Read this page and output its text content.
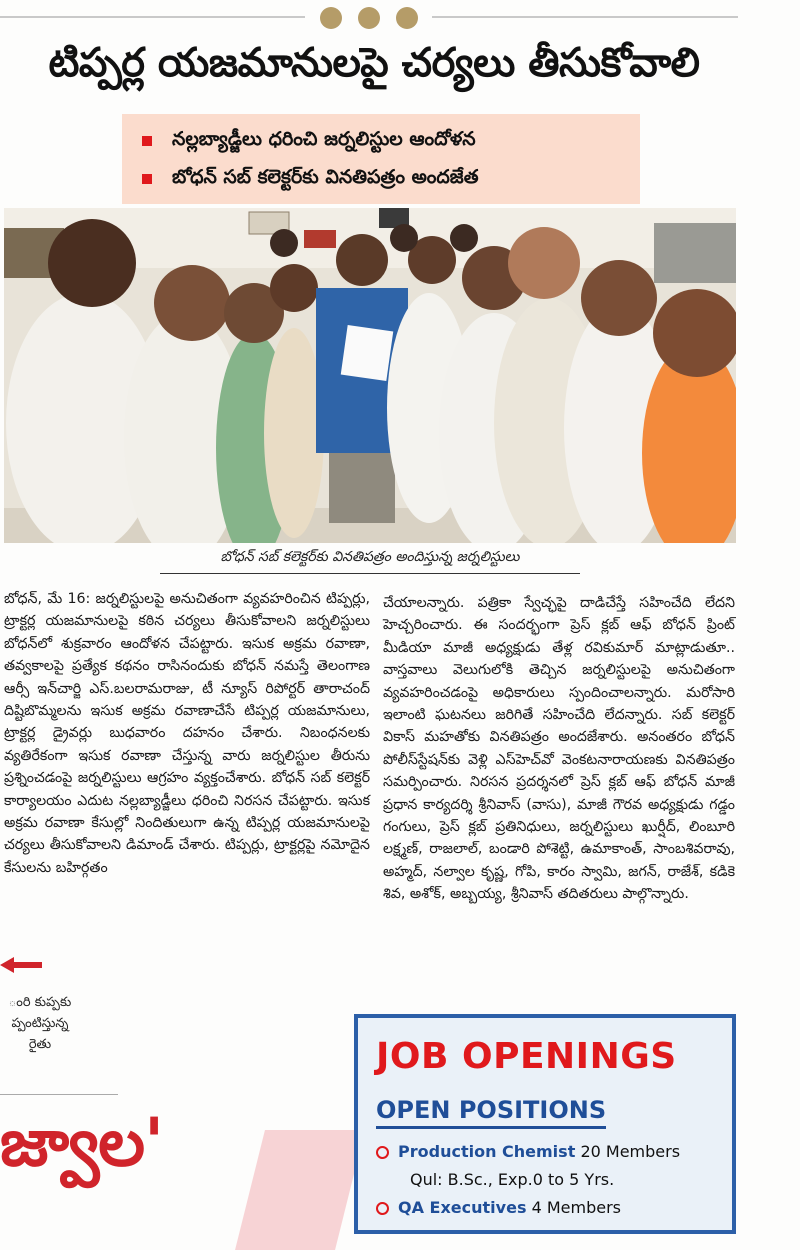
టిప్పర్ల యజమానులపై చర్యలు తీసుకోవాలి
నల్లబ్యాడ్జీలు ధరించి జర్నలిస్టుల ఆందోళన
బోధన్ సబ్ కలెక్టర్‌కు వినతిపత్రం అందజేత
బోధన్ సబ్ కలెక్టర్‌కు వినతిపత్రం అందిస్తున్న జర్నలిస్టులు

బోధన్, మే 16: జర్నలిస్టులపై అనుచితంగా వ్యవహరించిన టిప్పర్లు, ట్రాక్టర్ల యజమానులపై కఠిన చర్యలు తీసుకోవాలని జర్నలిస్టులు బోధన్‌లో శుక్రవారం ఆందోళన చేపట్టారు. ఇసుక అక్రమ రవాణా, తవ్వకాలపై ప్రత్యేక కథనం రాసినందుకు బోధన్ నమస్తే తెలంగాణ ఆర్సీ ఇన్‌చార్జి ఎస్.బలరామరాజు, టీ న్యూస్ రిపోర్టర్ తారాచంద్ దిష్టిబొమ్మలను ఇసుక అక్రమ రవాణాచేసే టిప్పర్ల యజమానులు, ట్రాక్టర్ల డ్రైవర్లు బుధవారం దహనం చేశారు. నిబంధనలకు వ్యతిరేకంగా ఇసుక రవాణా చేస్తున్న వారు జర్నలిస్టుల తీరును ప్రశ్నించడంపై జర్నలిస్టులు ఆగ్రహం వ్యక్తంచేశారు. బోధన్ సబ్ కలెక్టర్ కార్యాలయం ఎదుట నల్లబ్యాడ్జీలు ధరించి నిరసన చేపట్టారు. ఇసుక అక్రమ రవాణా కేసుల్లో నిందితులుగా ఉన్న టిప్పర్ల యజమానులపై చర్యలు తీసుకోవాలని డిమాండ్ చేశారు. టిప్పర్లు, ట్రాక్టర్లపై నమోదైన కేసులను బహిర్గతం

చేయాలన్నారు. పత్రికా స్వేచ్ఛపై దాడిచేస్తే సహించేది లేదని హెచ్చరించారు. ఈ సందర్భంగా ప్రెస్ క్లబ్ ఆఫ్ బోధన్ ప్రింట్ మీడియా మాజీ అధ్యక్షుడు తేళ్ల రవికుమార్ మాట్లాడుతూ.. వాస్తవాలు వెలుగులోకి తెచ్చిన జర్నలిస్టులపై అనుచితంగా వ్యవహరించడంపై అధికారులు స్పందించాలన్నారు. మరోసారి ఇలాంటి ఘటనలు జరిగితే సహించేది లేదన్నారు. సబ్ కలెక్టర్ వికాస్ మహతోకు వినతిపత్రం అందజేశారు. అనంతరం బోధన్ పోలీస్‌స్టేషన్‌కు వెళ్లి ఎస్‌హెచ్‌వో వెంకటనారాయణకు వినతిపత్రం సమర్పించారు. నిరసన ప్రదర్శనలో ప్రెస్ క్లబ్ ఆఫ్ బోధన్ మాజీ ప్రధాన కార్యదర్శి శ్రీనివాస్ (వాసు), మాజీ గౌరవ అధ్యక్షుడు గడ్డం గంగులు, ప్రెస్ క్లబ్ ప్రతినిధులు, జర్నలిస్టులు ఖుర్షీద్, లింబూరి లక్ష్మణ్, రాజలాల్, బండారి పోశెట్టి, ఉమాకాంత్, సాంబశివరావు, అహ్మద్, నల్వాల కృష్ణ, గోపి, కారం స్వామి, జగన్, రాజేశ్, కడికె శివ, అశోక్, అబ్బయ్య, శ్రీనివాస్ తదితరులు పాల్గొన్నారు.

ంరి కుప్పకు ప్పంటిస్తున్న రైతు
జ్వాల'
JOB OPENINGS
OPEN POSITIONS
Production Chemist 20 Members
Qul: B.Sc., Exp.0 to 5 Yrs.
QA Executives 4 Members
